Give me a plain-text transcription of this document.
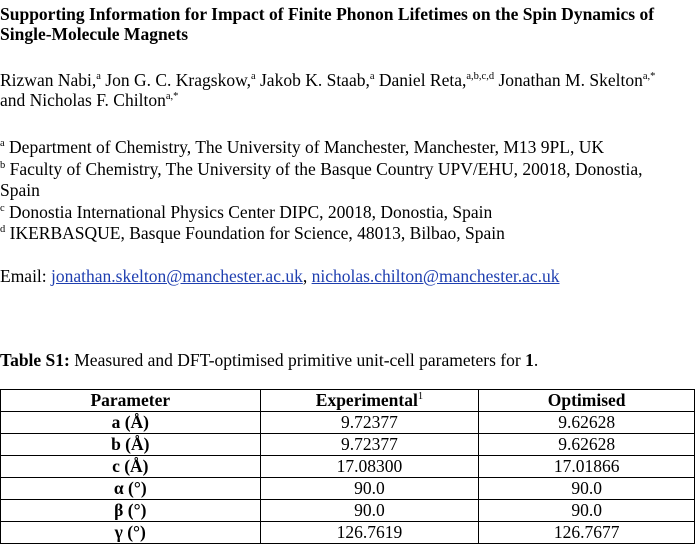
Supporting Information for Impact of Finite Phonon Lifetimes on the Spin Dynamics of Single-Molecule Magnets
Rizwan Nabi,$^a$ Jon G. C. Kragskow,$^a$ Jakob K. Staab,$^a$ Daniel Reta,$^{a,b,c,d}$ Jonathan M. Skelton$^{a,*}$
and Nicholas F. Chilton$^{a,*}$
$^a$ Department of Chemistry, The University of Manchester, Manchester, M13 9PL, UK
$^b$ Faculty of Chemistry, The University of the Basque Country UPV/EHU, 20018, Donostia,
Spain
$^c$ Donostia International Physics Center DIPC, 20018, Donostia, Spain
$^d$ IKERBASQUE, Basque Foundation for Science, 48013, Bilbao, Spain
Email: jonathan.skelton@manchester.ac.uk, nicholas.chilton@manchester.ac.uk
Table S1: Measured and DFT-optimised primitive unit-cell parameters for 1.
Parameter	Experimental$^1$	Optimised
a (Å)	9.72377	9.62628
b (Å)	9.72377	9.62628
c (Å)	17.08300	17.01866
α (°)	90.0	90.0
β (°)	90.0	90.0
γ (°)	126.7619	126.7677
